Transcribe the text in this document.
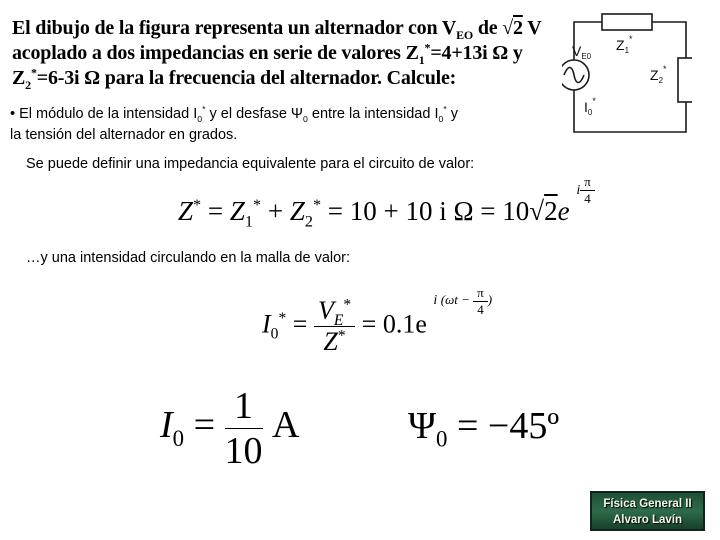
El dibujo de la figura representa un alternador con $V_{EO}$ de √2 V
acoplado a dos impedancias en serie de valores $Z_1^*=4+13i$ Ω y
$Z_2^*=6-3i$ Ω para la frecuencia del alternador. Calcule:
• El módulo de la intensidad $I_0^*$ y el desfase $\Psi_0$ entre la intensidad $I_0^*$ y
la tensión del alternador en grados.
Se puede definir una impedancia equivalente para el circuito de valor:
$Z^* = Z_1^* + Z_2^* = 10 + 10$ i Ω = 10√2e $^{i \frac{\pi}{4}}$
…y una intensidad circulando en la malla de valor:
$I_0^* = \frac{V_E^*}{Z^*} = 0.1e$ $^{i (\omega t - \frac{\pi}{4} )}$
$I_0 = \frac{1}{10}$ A	$\Psi_0$ = −45º
$V_{E0}$
$Z_1^*$
$Z_2^*$
$I_0^*$
Física General II
Alvaro Lavín
